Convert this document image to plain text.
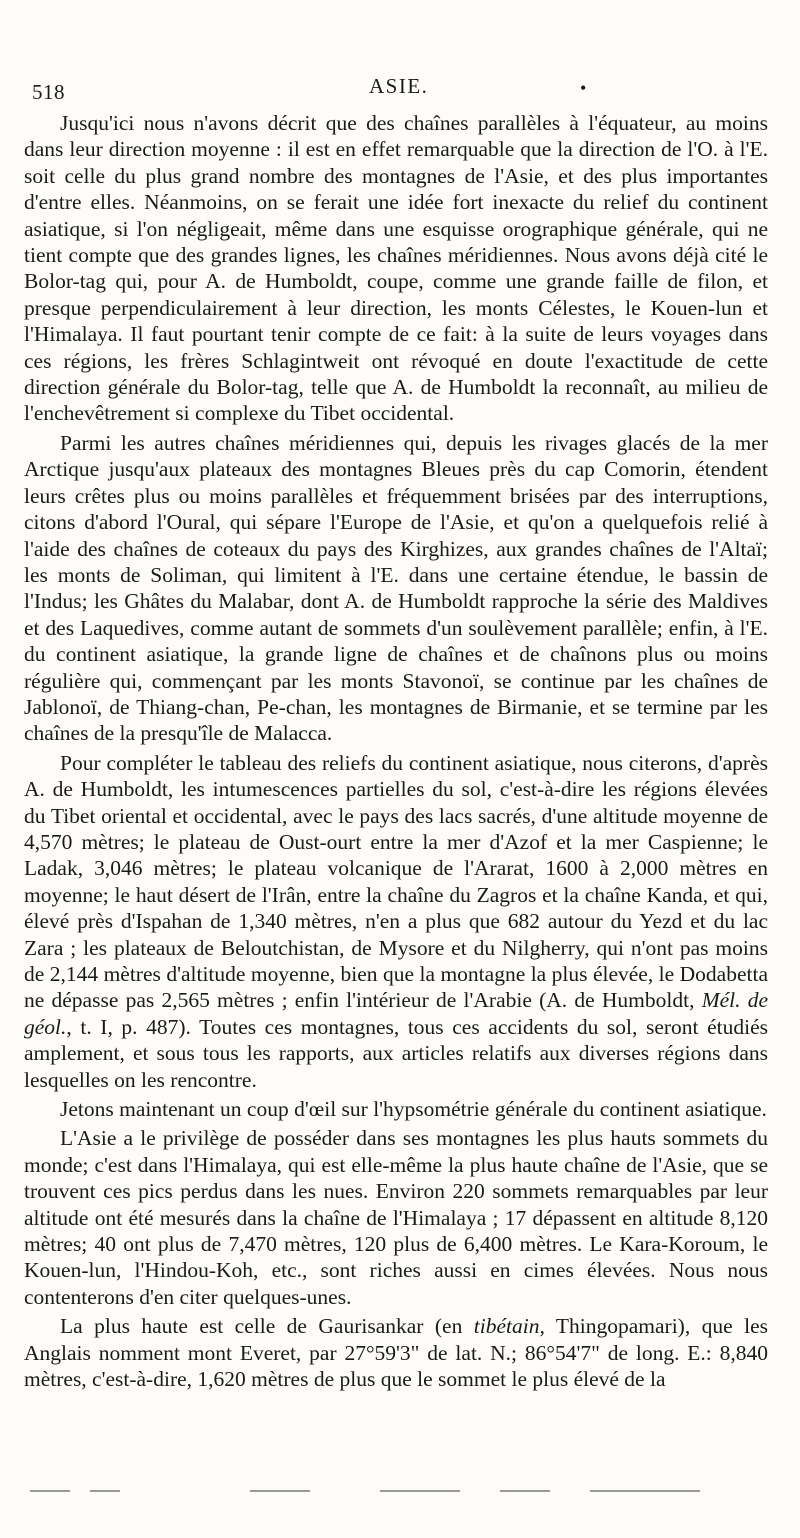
518	ASIE.	•

Jusqu'ici nous n'avons décrit que des chaînes parallèles à l'équateur, au moins dans leur direction moyenne : il est en effet remarquable que la direction de l'O. à l'E. soit celle du plus grand nombre des montagnes de l'Asie, et des plus importantes d'entre elles. Néanmoins, on se ferait une idée fort inexacte du relief du continent asiatique, si l'on négligeait, même dans une esquisse orographique générale, qui ne tient compte que des grandes lignes, les chaînes méridiennes. Nous avons déjà cité le Bolor-tag qui, pour A. de Humboldt, coupe, comme une grande faille de filon, et presque perpendiculairement à leur direction, les monts Célestes, le Kouen-lun et l'Himalaya. Il faut pourtant tenir compte de ce fait: à la suite de leurs voyages dans ces régions, les frères Schlagintweit ont révoqué en doute l'exactitude de cette direction générale du Bolor-tag, telle que A. de Humboldt la reconnaît, au milieu de l'enchevêtrement si complexe du Tibet occidental.

Parmi les autres chaînes méridiennes qui, depuis les rivages glacés de la mer Arctique jusqu'aux plateaux des montagnes Bleues près du cap Comorin, étendent leurs crêtes plus ou moins parallèles et fréquemment brisées par des interruptions, citons d'abord l'Oural, qui sépare l'Europe de l'Asie, et qu'on a quelquefois relié à l'aide des chaînes de coteaux du pays des Kirghizes, aux grandes chaînes de l'Altaï; les monts de Soliman, qui limitent à l'E. dans une certaine étendue, le bassin de l'Indus; les Ghâtes du Malabar, dont A. de Humboldt rapproche la série des Maldives et des Laquedives, comme autant de sommets d'un soulèvement parallèle; enfin, à l'E. du continent asiatique, la grande ligne de chaînes et de chaînons plus ou moins régulière qui, commençant par les monts Stavonoï, se continue par les chaînes de Jablonoï, de Thiang-chan, Pe-chan, les montagnes de Birmanie, et se termine par les chaînes de la presqu'île de Malacca.

Pour compléter le tableau des reliefs du continent asiatique, nous citerons, d'après A. de Humboldt, les intumescences partielles du sol, c'est-à-dire les régions élevées du Tibet oriental et occidental, avec le pays des lacs sacrés, d'une altitude moyenne de 4,570 mètres; le plateau de Oust-ourt entre la mer d'Azof et la mer Caspienne; le Ladak, 3,046 mètres; le plateau volcanique de l'Ararat, 1600 à 2,000 mètres en moyenne; le haut désert de l'Irân, entre la chaîne du Zagros et la chaîne Kanda, et qui, élevé près d'Ispahan de 1,340 mètres, n'en a plus que 682 autour du Yezd et du lac Zara ; les plateaux de Beloutchistan, de Mysore et du Nilgherry, qui n'ont pas moins de 2,144 mètres d'altitude moyenne, bien que la montagne la plus élevée, le Dodabetta ne dépasse pas 2,565 mètres ; enfin l'intérieur de l'Arabie (A. de Humboldt, Mél. de géol., t. I, p. 487). Toutes ces montagnes, tous ces accidents du sol, seront étudiés amplement, et sous tous les rapports, aux articles relatifs aux diverses régions dans lesquelles on les rencontre.

Jetons maintenant un coup d'œil sur l'hypsométrie générale du continent asiatique.

L'Asie a le privilège de posséder dans ses montagnes les plus hauts sommets du monde; c'est dans l'Himalaya, qui est elle-même la plus haute chaîne de l'Asie, que se trouvent ces pics perdus dans les nues. Environ 220 sommets remarquables par leur altitude ont été mesurés dans la chaîne de l'Himalaya ; 17 dépassent en altitude 8,120 mètres; 40 ont plus de 7,470 mètres, 120 plus de 6,400 mètres. Le Kara-Koroum, le Kouen-lun, l'Hindou-Koh, etc., sont riches aussi en cimes élevées. Nous nous contenterons d'en citer quelques-unes.

La plus haute est celle de Gaurisankar (en tibétain, Thingopamari), que les Anglais nomment mont Everet, par 27°59'3" de lat. N.; 86°54'7" de long. E.: 8,840 mètres, c'est-à-dire, 1,620 mètres de plus que le sommet le plus élevé de la
